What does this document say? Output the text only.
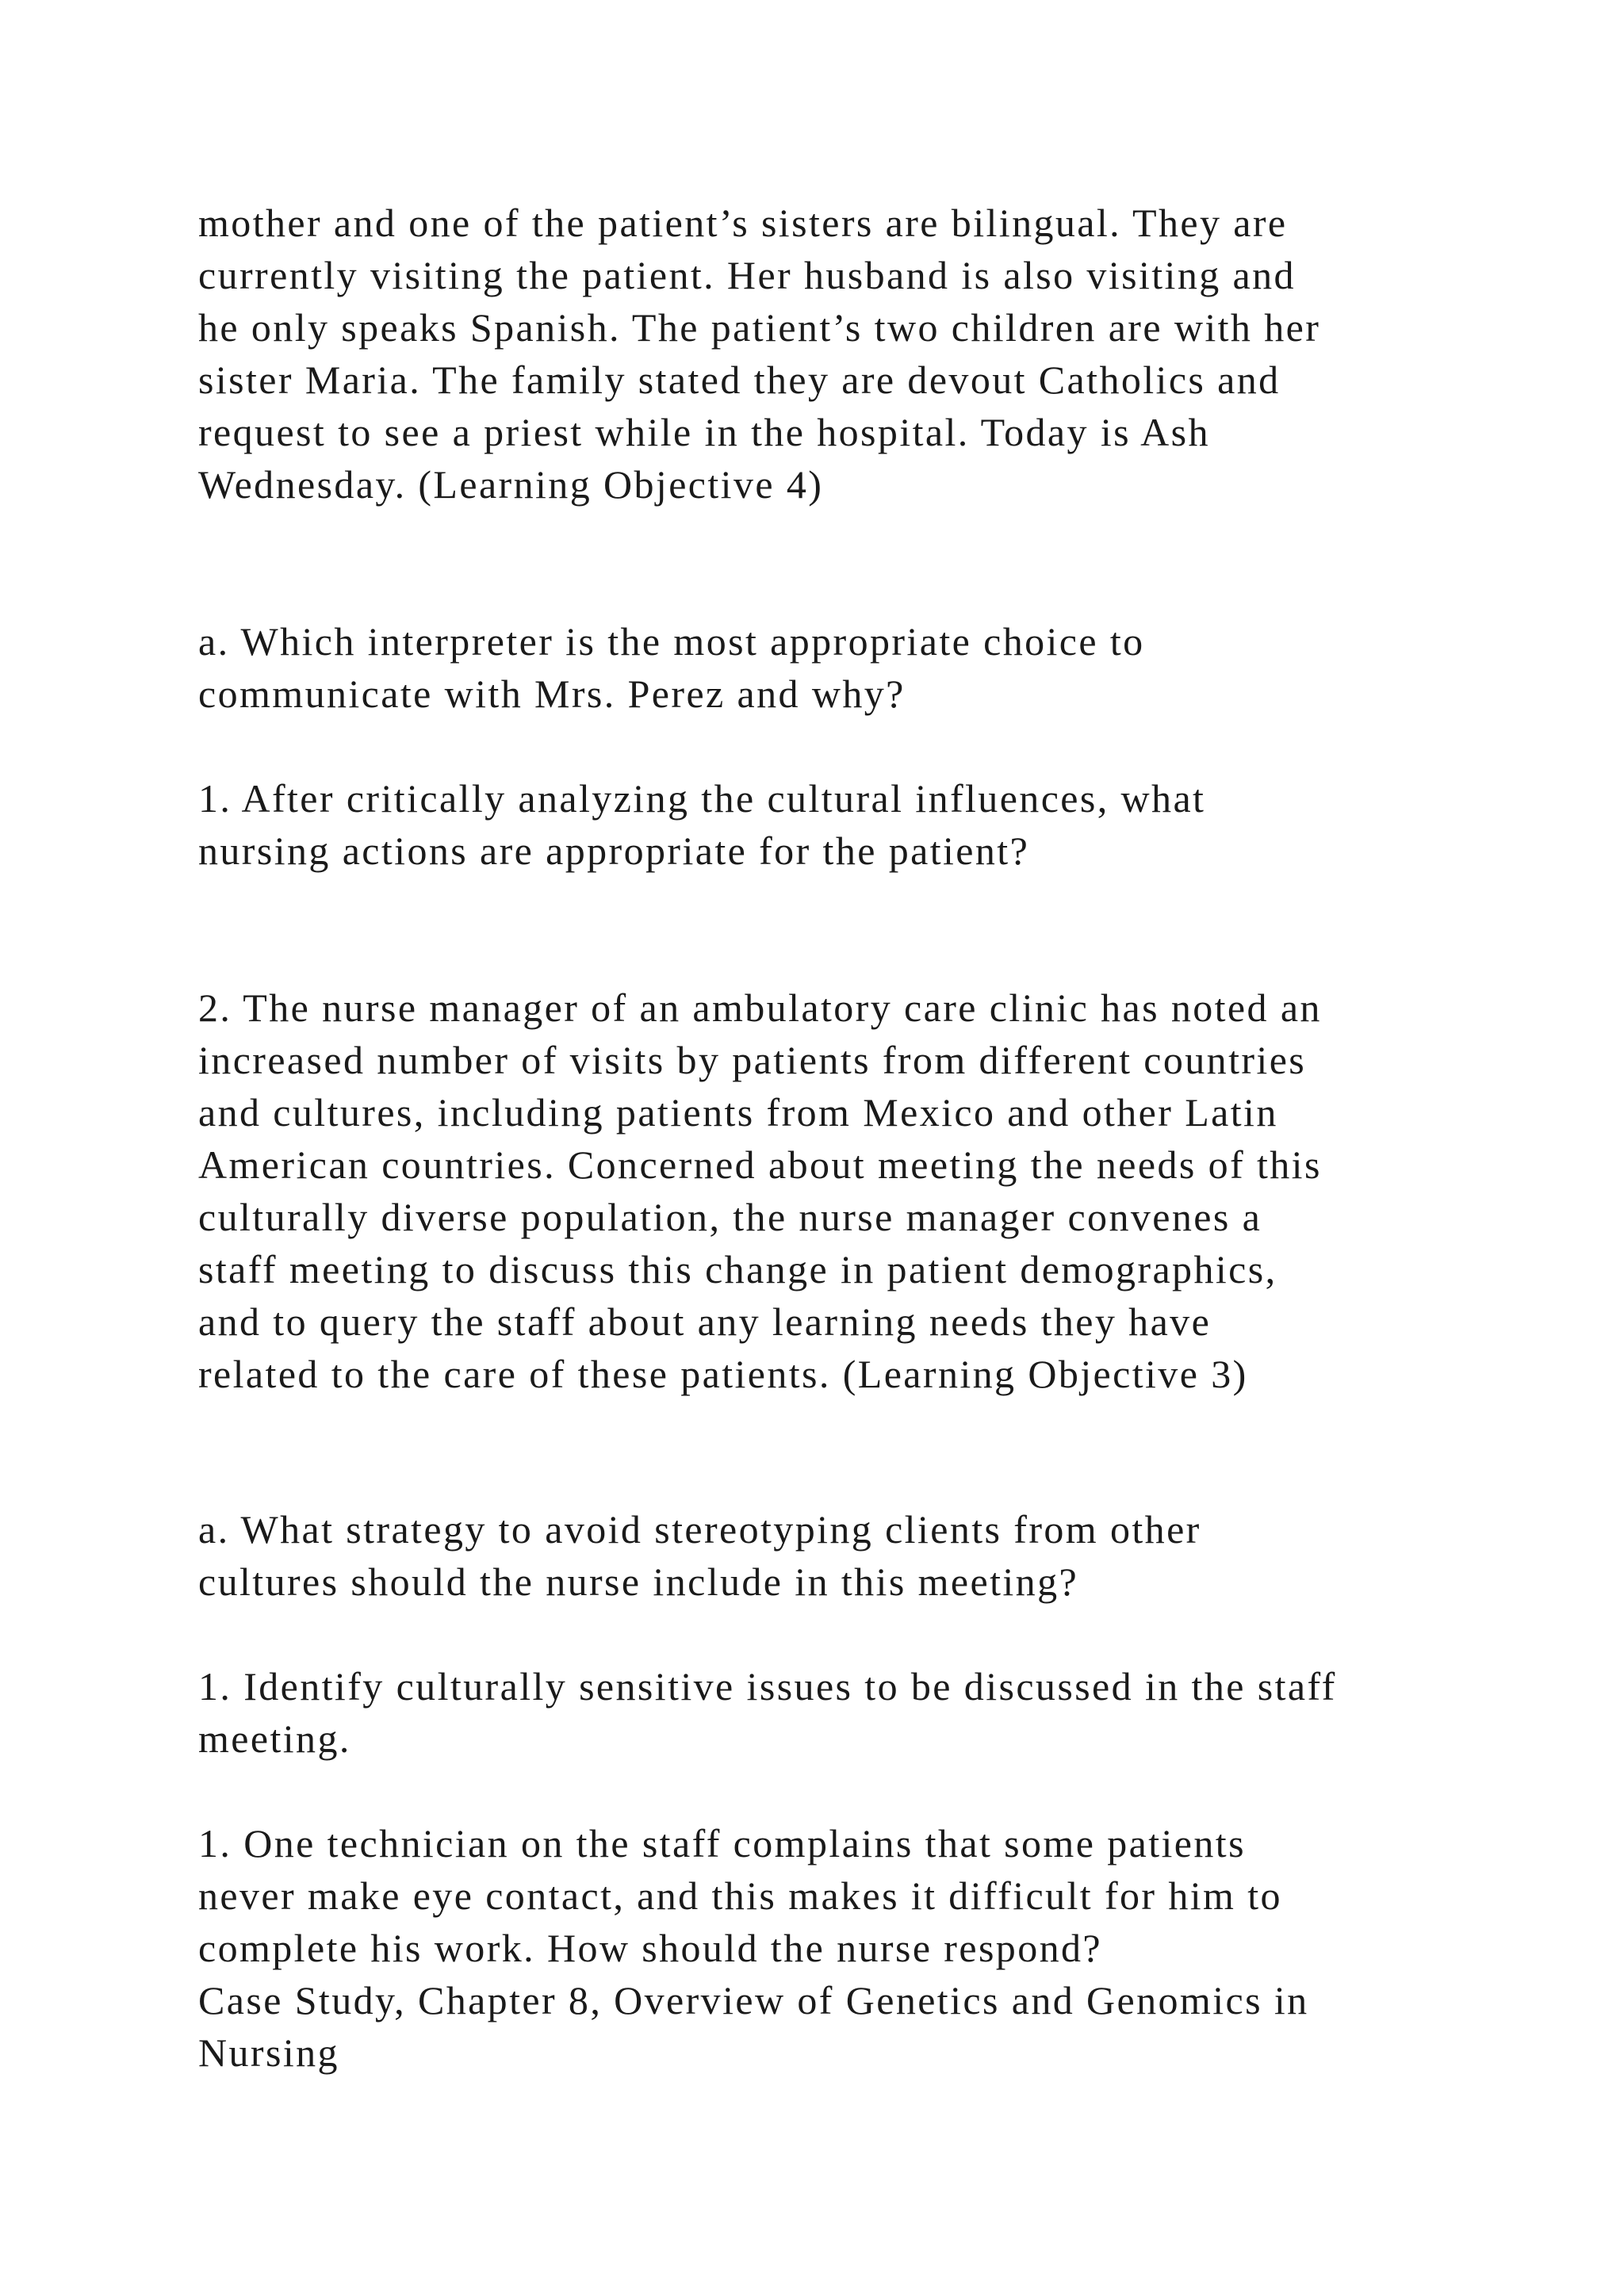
mother and one of the patient’s sisters are bilingual. They are
currently visiting the patient. Her husband is also visiting and
he only speaks Spanish. The patient’s two children are with her
sister Maria. The family stated they are devout Catholics and
request to see a priest while in the hospital. Today is Ash
Wednesday. (Learning Objective 4)

a. Which interpreter is the most appropriate choice to
communicate with Mrs. Perez and why?

1. After critically analyzing the cultural influences, what
nursing actions are appropriate for the patient?

2. The nurse manager of an ambulatory care clinic has noted an
increased number of visits by patients from different countries
and cultures, including patients from Mexico and other Latin
American countries. Concerned about meeting the needs of this
culturally diverse population, the nurse manager convenes a
staff meeting to discuss this change in patient demographics,
and to query the staff about any learning needs they have
related to the care of these patients. (Learning Objective 3)

a. What strategy to avoid stereotyping clients from other
cultures should the nurse include in this meeting?

1. Identify culturally sensitive issues to be discussed in the staff
meeting.

1. One technician on the staff complains that some patients
never make eye contact, and this makes it difficult for him to
complete his work. How should the nurse respond?
Case Study, Chapter 8, Overview of Genetics and Genomics in
Nursing
